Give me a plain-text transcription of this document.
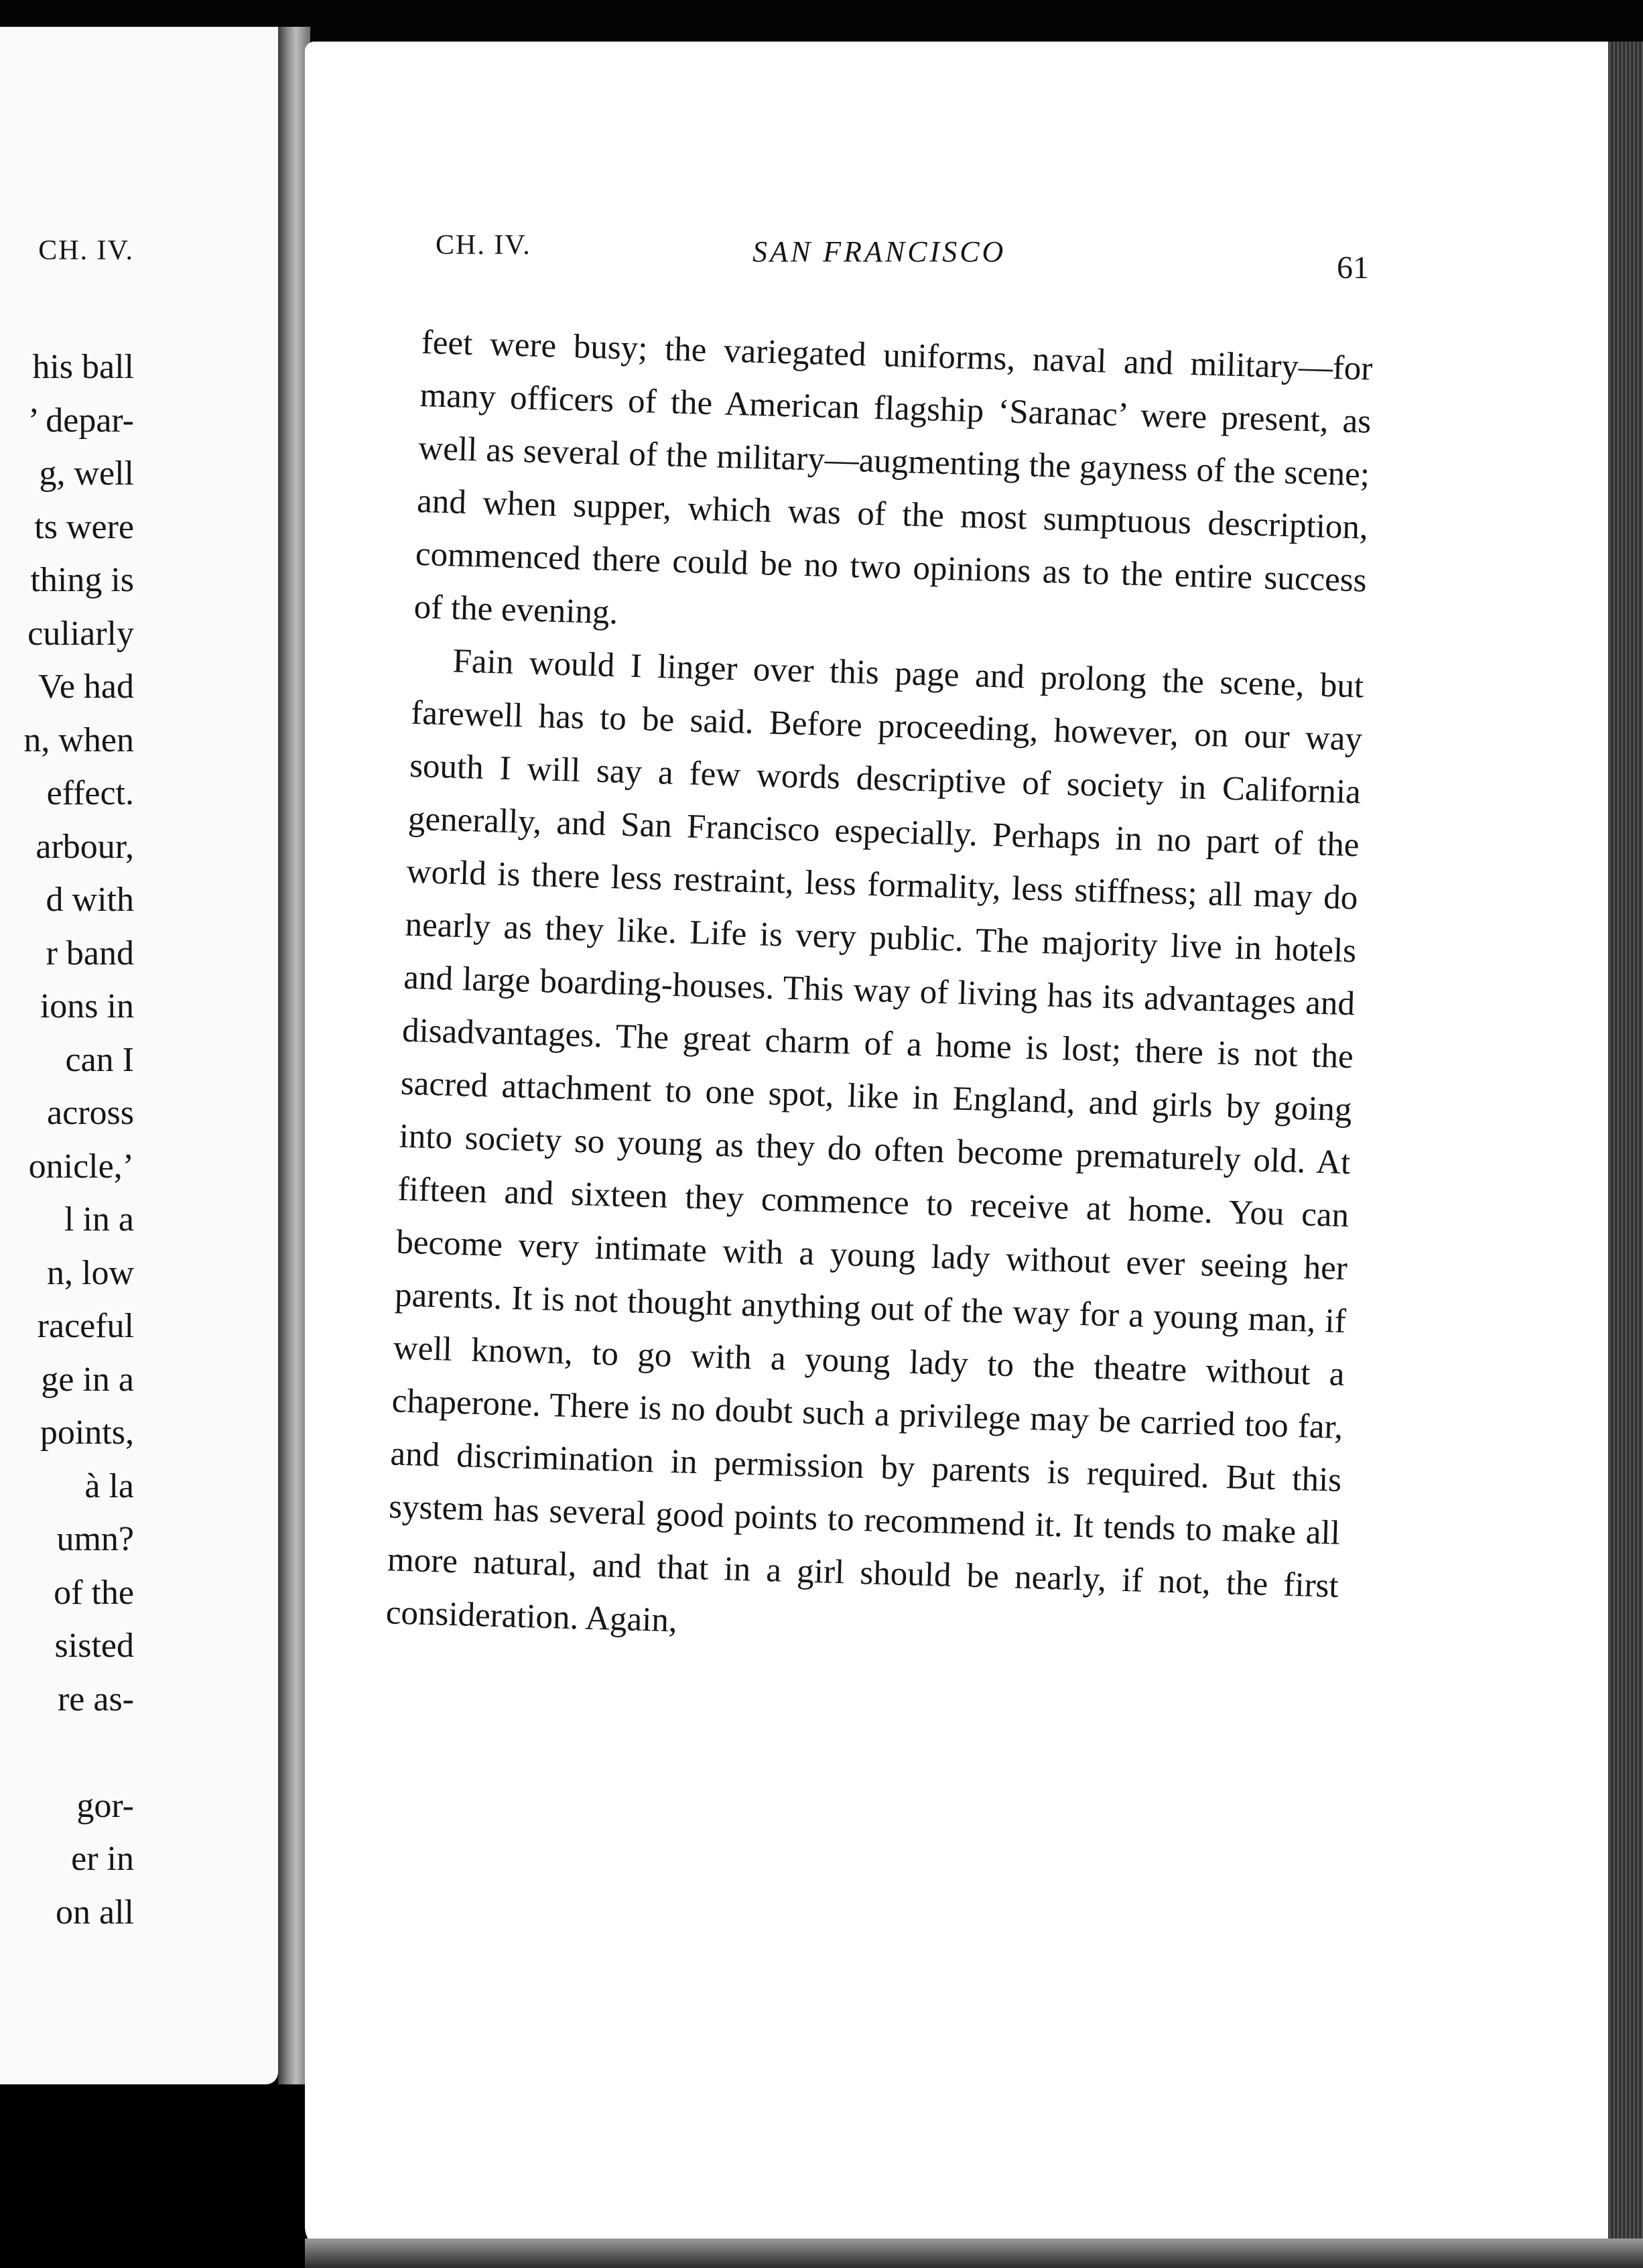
CH. IV.
his ball
’ depar-
g, well
ts were
thing is
culiarly
Ve had
n, when
effect.
arbour,
d with
r band
ions in
can I
across
onicle,’
l in a
n, low
raceful
ge in a
points,
à la
umn?
of the
sisted
re as-
gor-
er in
on all
CH. IV.	SAN FRANCISCO	61

feet were busy; the variegated uniforms, naval and military—for many officers of the American flagship ‘Saranac’ were present, as well as several of the military—augmenting the gayness of the scene; and when supper, which was of the most sumptuous description, commenced there could be no two opinions as to the entire success of the evening.

Fain would I linger over this page and prolong the scene, but farewell has to be said. Before proceeding, however, on our way south I will say a few words descriptive of society in California generally, and San Francisco especially. Perhaps in no part of the world is there less restraint, less formality, less stiffness; all may do nearly as they like. Life is very public. The majority live in hotels and large boarding-houses. This way of living has its advantages and disadvantages. The great charm of a home is lost; there is not the sacred attachment to one spot, like in England, and girls by going into society so young as they do often become prematurely old. At fifteen and sixteen they commence to receive at home. You can become very intimate with a young lady without ever seeing her parents. It is not thought anything out of the way for a young man, if well known, to go with a young lady to the theatre without a chaperone. There is no doubt such a privilege may be carried too far, and discrimination in permission by parents is required. But this system has several good points to recommend it. It tends to make all more natural, and that in a girl should be nearly, if not, the first consideration. Again,
